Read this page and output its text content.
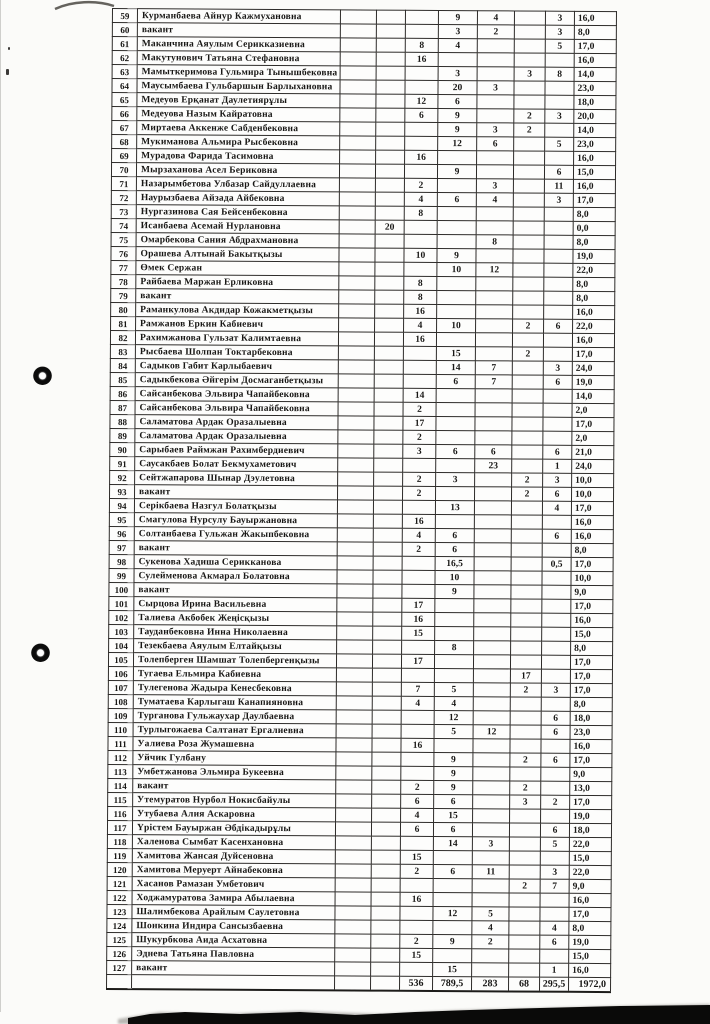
59	Курманбаева Айнур Кажмухановна				9	4		3	16,0
60	вакант				3	2		3	8,0
61	Маканчина Аяулым Серикказиевна			8	4			5	17,0
62	Макутунович Татьяна Стефановна			16					16,0
63	Мамыткеримова Гульмира Тынышбековна				3		3	8	14,0
64	Маусымбаева Гульбаршын Барлыхановна				20	3			23,0
65	Медеуов Ерқанат Даулетиярұлы			12	6				18,0
66	Медеуова Назым Кайратовна			6	9		2	3	20,0
67	Миртаева Аккенже Сабденбековна				9	3	2		14,0
68	Мукиманова Альмира Рысбековна				12	6		5	23,0
69	Мурадова Фарида Тасимовна			16					16,0
70	Мырзаханова Асел Бериковна				9			6	15,0
71	Назарымбетова Улбазар Сайдуллаевна			2		3		11	16,0
72	Наурызбаева Айзада Айбековна			4	6	4		3	17,0
73	Нургазинова Сая Бейсенбековна			8					8,0
74	Исанбаева Асемай Нурлановна		20						0,0
75	Омарбекова Сания Абдрахмановна					8			8,0
76	Орашева Алтынай Бакытқызы			10	9				19,0
77	Өмек Сержан				10	12			22,0
78	Райбаева Маржан Ерликовна			8					8,0
79	вакант			8					8,0
80	Раманкулова Акдидар Кожакметқызы			16					16,0
81	Рамжанов Еркин Кабиевич			4	10		2	6	22,0
82	Рахимжанова Гульзат Калимтаевна			16					16,0
83	Рысбаева Шолпан Токтарбековна				15		2		17,0
84	Садыков Габит Карлыбаевич				14	7		3	24,0
85	Садыкбекова Әйгерім Досмаганбетқызы				6	7		6	19,0
86	Сайсанбекова Эльвира Чапайбековна			14					14,0
87	Сайсанбекова Эльвира Чапайбековна			2					2,0
88	Саламатова Ардак Оразалыевна			17					17,0
89	Саламатова Ардак Оразалыевна			2					2,0
90	Сарыбаев Раймжан Рахимбердиевич			3	6	6		6	21,0
91	Саусакбаев Болат Бекмухаметович					23		1	24,0
92	Сейтжапарова Шынар Дэулетовна			2	3		2	3	10,0
93	вакант			2			2	6	10,0
94	Серікбаева Назгул Болатқызы				13			4	17,0
95	Смагулова Нурсулу Бауыржановна			16					16,0
96	Солтанбаева Гульжан Жакыпбековна			4	6			6	16,0
97	вакант			2	6				8,0
98	Сукенова Хадиша Серикканова				16,5			0,5	17,0
99	Сулейменова Акмарал Болатовна				10				10,0
100	вакант				9				9,0
101	Сырцова Ирина Васильевна			17					17,0
102	Талиева Акбобек Жеңісқызы			16					16,0
103	Тауданбековна Инна Николаевна			15					15,0
104	Тезекбаева Аяулым Елтайқызы				8				8,0
105	Толепберген Шамшат Толепбергенқызы			17					17,0
106	Тугаева Ельмира Кабиевна						17		17,0
107	Тулегенова Жадыра Кенесбековна			7	5		2	3	17,0
108	Туматаева Карлыгаш Канапияновна			4	4				8,0
109	Турганова Гульжаухар Даулбаевна				12			6	18,0
110	Турлыгожаева Салтанат Ергалиевна				5	12		6	23,0
111	Уалиева Роза Жумашевна			16					16,0
112	Уйчик Гулбану				9		2	6	17,0
113	Умбетжанова Эльмира Букеевна				9				9,0
114	вакант			2	9		2		13,0
115	Утемуратов Нурбол Нокисбайулы			6	6		3	2	17,0
116	Утубаева Алия Аскаровна			4	15				19,0
117	Үрістем Бауыржан Әбдікадырұлы			6	6			6	18,0
118	Халенова Сымбат Касенхановна				14	3		5	22,0
119	Хамитова Жансая Дуйсеновна			15					15,0
120	Хамитова Меруерт Айнабековна			2	6	11		3	22,0
121	Хасанов Рамазан Умбетович						2	7	9,0
122	Ходжамуратова Замира Абылаевна			16					16,0
123	Шалимбекова Арайлым Саулетовна				12	5			17,0
124	Шонкина Индира Сансызбаевна					4		4	8,0
125	Шукурбкова Аида Асхатовна			2	9	2		6	19,0
126	Эднева Татьяна Павловна			15					15,0
127	вакант				15			1	16,0
				536	789,5	283	68	295,5	1972,0
